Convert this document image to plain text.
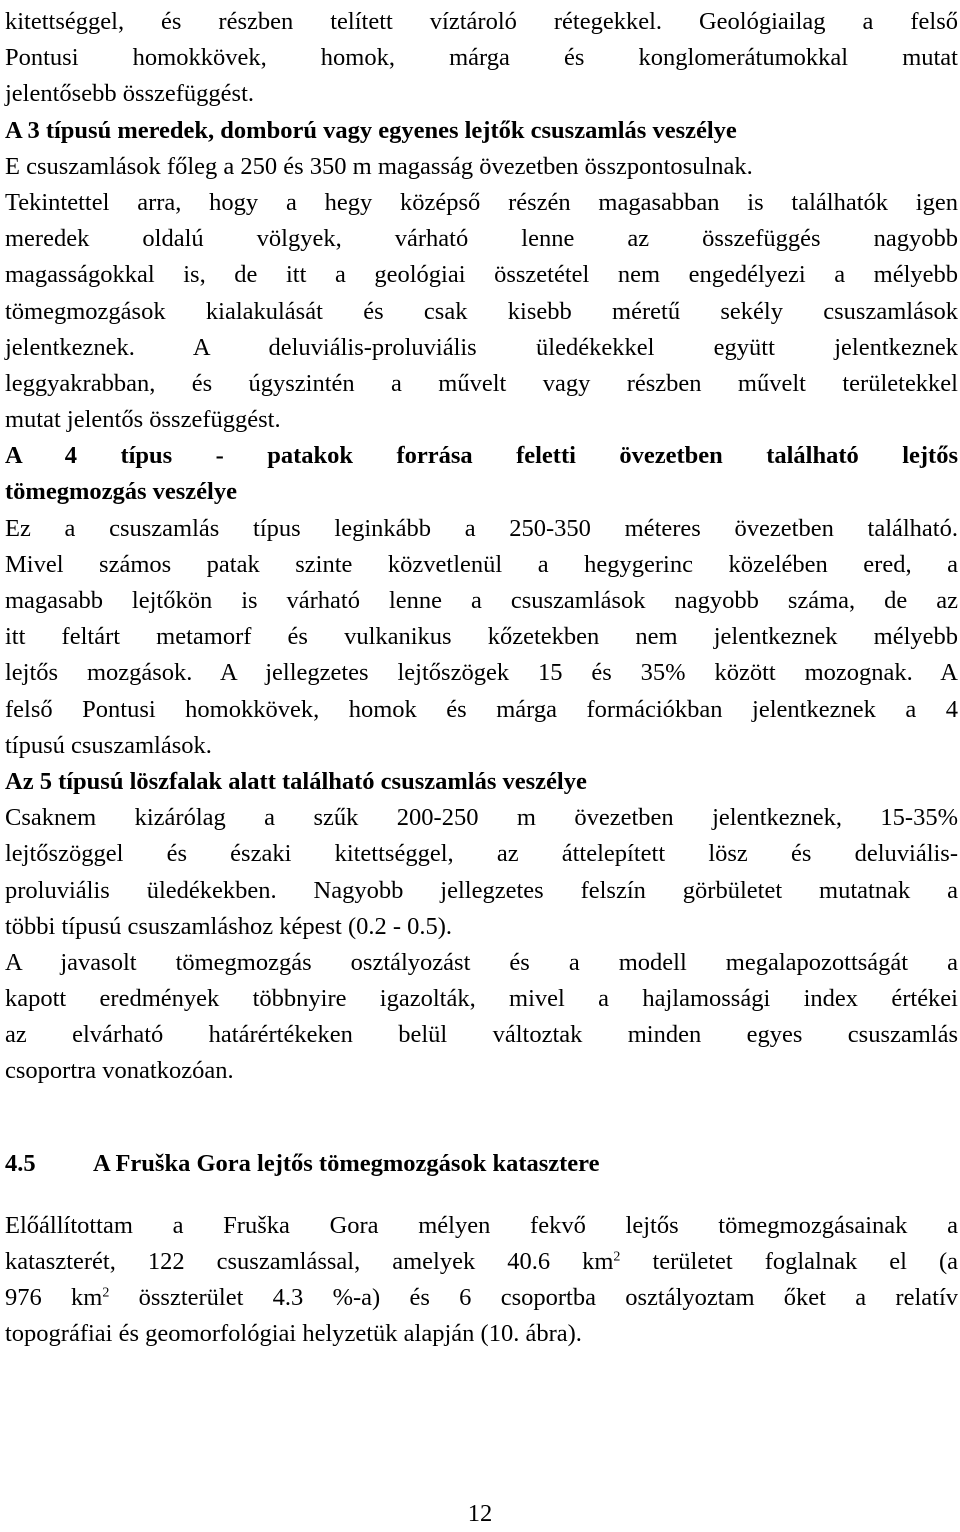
kitettséggel, és részben telített víztároló rétegekkel. Geológiailag a felső
Pontusi homokkövek, homok, márga és konglomerátumokkal mutat
jelentősebb összefüggést.
A 3 típusú meredek, domború vagy egyenes lejtők csuszamlás veszélye
E csuszamlások főleg a 250 és 350 m magasság övezetben összpontosulnak.
Tekintettel arra, hogy a hegy középső részén magasabban is találhatók igen
meredek oldalú völgyek, várható lenne az összefüggés nagyobb
magasságokkal is, de itt a geológiai összetétel nem engedélyezi a mélyebb
tömegmozgások kialakulását és csak kisebb méretű sekély csuszamlások
jelentkeznek. A deluviális-proluviális üledékekkel együtt jelentkeznek
leggyakrabban, és úgyszintén a művelt vagy részben művelt területekkel
mutat jelentős összefüggést.
A 4 típus - patakok forrása feletti övezetben található lejtős
tömegmozgás veszélye
Ez a csuszamlás típus leginkább a 250-350 méteres övezetben található.
Mivel számos patak szinte közvetlenül a hegygerinc közelében ered, a
magasabb lejtőkön is várható lenne a csuszamlások nagyobb száma, de az
itt feltárt metamorf és vulkanikus kőzetekben nem jelentkeznek mélyebb
lejtős mozgások. A jellegzetes lejtőszögek 15 és 35% között mozognak. A
felső Pontusi homokkövek, homok és márga formációkban jelentkeznek a 4
típusú csuszamlások.
Az 5 típusú löszfalak alatt található csuszamlás veszélye
Csaknem kizárólag a szűk 200-250 m övezetben jelentkeznek, 15-35%
lejtőszöggel és északi kitettséggel, az áttelepített lösz és deluviális-
proluviális üledékekben. Nagyobb jellegzetes felszín görbületet mutatnak a
többi típusú csuszamláshoz képest (0.2 - 0.5).
A javasolt tömegmozgás osztályozást és a modell megalapozottságát a
kapott eredmények többnyire igazolták, mivel a hajlamossági index értékei
az elvárható határértékeken belül változtak minden egyes csuszamlás
csoportra vonatkozóan.
4.5 A Fruška Gora lejtős tömegmozgások katasztere
Előállítottam a Fruška Gora mélyen fekvő lejtős tömegmozgásainak a
kataszterét, 122 csuszamlással, amelyek 40.6 $km^2$ területet foglalnak el (a
976 $km^2$ összterület 4.3 %-a) és 6 csoportba osztályoztam őket a relatív
topográfiai és geomorfológiai helyzetük alapján (10. ábra).
12
